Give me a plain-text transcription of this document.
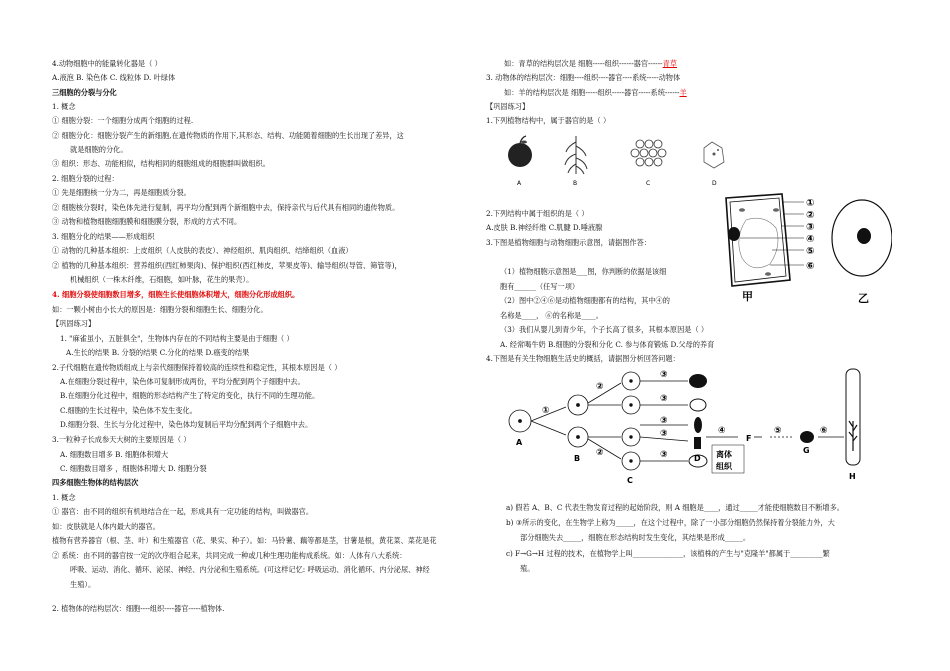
4.动物细胞中的能量转化器是（ ）
A.液泡 B. 染色体 C. 线粒体 D. 叶绿体
三细胞的分裂与分化
1. 概念
① 细胞分裂：一个细胞分成两个细胞的过程.
② 细胞分化：细胞分裂产生的新细胞,在遗传物质的作用下,其形态、结构、功能随着细胞的生长出现了差异，这
就是细胞的分化。
③ 组织：形态、功能相似，结构相同的细胞组成的细胞群叫做组织。
2. 细胞分裂的过程：
① 先是细胞核一分为二，再是细胞质分裂。
② 细胞核分裂时，染色体先进行复制，再平均分配到两个新细胞中去，保持亲代与后代具有相同的遗传物质。
③ 动物和植物细胞细胞膜和细胞膜分裂，形成的方式不同。
3. 细胞分化的结果——形成组织
① 动物的几种基本组织：上皮组织（人皮肤的表皮）、神经组织、肌肉组织、结缔组织（血液）
② 植物的几种基本组织：营养组织(西红柿果肉)、保护组织(西红柿皮，苹果皮等)、输导组织(导管、筛管等)，
机械组织（一株木纤维，石细胞，如叶脉，花生的果壳）。
4. 细胞分裂使细胞数目增多，细胞生长使细胞体积增大，细胞分化形成组织。
如：一颗小树由小长大的原因是：细胞分裂和细胞生长、细胞分化。
【巩固练习】
1. "麻雀虽小，五脏俱全"，生物体内存在的不同结构主要是由于细胞（ ）
A.生长的结果 B. 分裂的结果 C.分化的结果 D.癌变的结果
2.子代细胞在遗传物质组成上与亲代细胞保持着较高的连续性和稳定性，其根本原因是（ ）
A.在细胞分裂过程中，染色体可复制形成两份，平均分配到两个子细胞中去。
B.在细胞分化过程中，细胞的形态结构产生了特定的变化，执行不同的生理功能。
C.细胞的生长过程中，染色体不发生变化。
D.细胞分裂、生长与分化过程中，染色体均复制后平均分配到两个子细胞中去。
3.一粒种子长成参天大树的主要原因是（ ）
A. 细胞数目增多 B. 细胞体积增大
C. 细胞数目增多 ，细胞体积增大 D. 细胞分裂
四多细胞生物体的结构层次
1. 概念
① 器官：由不同的组织有机地结合在一起，形成具有一定功能的结构，叫做器官。
如：皮肤就是人体内最大的器官。
植物有营养器官（根、茎、叶）和生殖器官（花、果实、种子）。如：马铃薯、藕等都是茎，甘薯是根，黄花菜、菜花是花
② 系统：由不同的器官按一定的次序组合起来，共同完成一种或几种生理功能构成系统。如：人体有八大系统：
呼吸、运动、消化、循环、泌尿、神经、内分泌和生殖系统。(可这样记忆: 呼吸运动、消化循环、内分泌尿、神经
生殖）。
2. 植物体的结构层次：细胞----组织----器官-----植物体.
如：青草的结构层次是 细胞-----组织------器官------青草
3. 动物体的结构层次：细胞----组织----器官----系统-----动物体
如：羊的结构层次是 细胞-----组织-----器官-----系统------羊
【巩固练习】
1.下列植物结构中，属于器官的是（ ）
2.下列结构中属于组织的是（ ）
A.皮肤 B.神经纤维 C.肌腱 D.唾液腺
3.下图是植物细胞与动物细胞示意图，请据图作答：
（1）植物细胞示意图是___图，你判断的依据是该细
胞有______（任写一项）
（2）图中②④⑥是动植物细胞都有的结构，其中④的
名称是____， ⑥的名称是____。
（3）我们从婴儿到青少年，个子长高了很多，其根本原因是（ ）
A. 经常喝牛奶 B.细胞的分裂和分化 C. 参与体育锻炼 D.父母的养育
4.下图是有关生物细胞生活史的概括，请据图分析回答问题：
a) 假若 A、B、C 代表生物发育过程的起始阶段，则 A 细胞是____，通过_____才能使细胞数目不断增多。
b) ③所示的变化，在生物学上称为_____，在这个过程中，除了一小部分细胞仍然保持着分裂能力外，大
部分细胞失去_____，细胞在形态结构时发生变化，其结果是形成_____。
c) F→G→H 过程的技术，在植物学上叫______________，该植株的产生与"克隆羊"都属于_________繁
殖。
A	B	C	D
①
②
③
④
⑤
⑥
甲	乙
①
②
②
③
③
③
③
③
④	⑤	⑥
A
B
C
D
F
G
H
离体
组织
